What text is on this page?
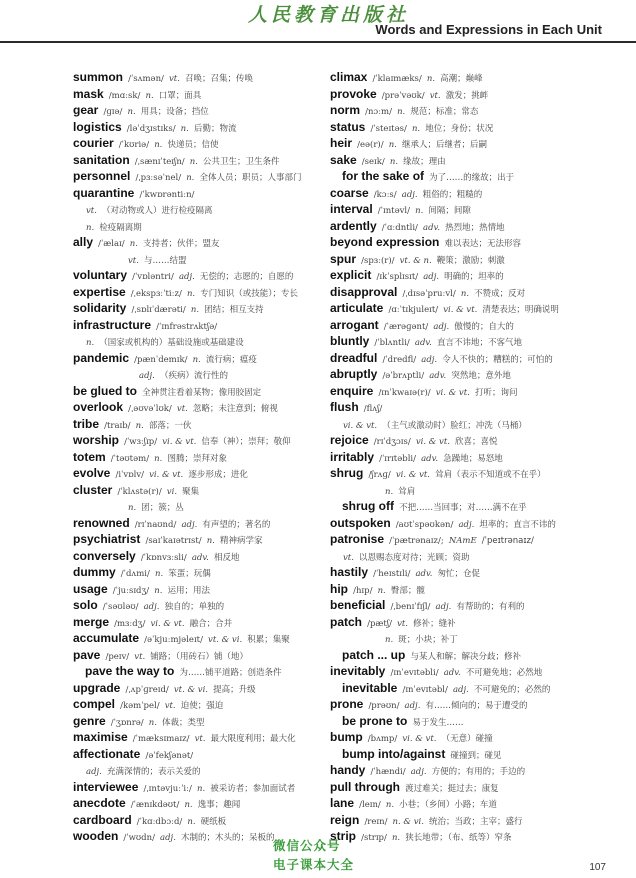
人民教育出版社
Words and Expressions in Each Unit
summon /ˈsʌmən/ vt. 召唤；召集；传唤
mask /mɑːsk/ n. 口罩；面具
gear /ɡɪə/ n. 用具；设备；挡位
logistics /ləˈdʒɪstɪks/ n. 后勤；物流
courier /ˈkʊriə/ n. 快递员；信使
sanitation /ˌsænɪˈteɪʃn/ n. 公共卫生；卫生条件
personnel /ˌpɜːsəˈnel/ n. 全体人员；职员；人事部门
quarantine /ˈkwɒrəntiːn/
vt. （对动物或人）进行检疫隔离
n. 检疫隔离期
ally /ˈælaɪ/ n. 支持者；伙伴；盟友
vt. 与……结盟
voluntary /ˈvɒləntri/ adj. 无偿的；志愿的；自愿的
expertise /ˌekspɜːˈtiːz/ n. 专门知识（或技能）；专长
solidarity /ˌsɒlɪˈdærəti/ n. 团结；相互支持
infrastructure /ˈɪnfrəstrʌktʃə/
n. （国家或机构的）基础设施或基础建设
pandemic /pænˈdemɪk/ n. 流行病；瘟疫
adj. （疾病）流行性的
be glued to 全神贯注看着某物；像用胶固定
overlook /ˌəʊvəˈlʊk/ vt. 忽略；未注意到；俯视
tribe /traɪb/ n. 部落；一伙
worship /ˈwɜːʃɪp/ vi. & vt. 信奉（神）；崇拜；敬仰
totem /ˈtəʊtəm/ n. 图腾；崇拜对象
evolve /iˈvɒlv/ vi. & vt. 逐步形成；进化
cluster /ˈklʌstə(r)/ vi. 聚集
n. 团；簇；丛
renowned /rɪˈnaʊnd/ adj. 有声望的；著名的
psychiatrist /saɪˈkaɪətrɪst/ n. 精神病学家
conversely /ˈkɒnvɜːsli/ adv. 相反地
dummy /ˈdʌmi/ n. 笨蛋；玩偶
usage /ˈjuːsɪdʒ/ n. 运用；用法
solo /ˈsəʊləʊ/ adj. 独自的；单独的
merge /mɜːdʒ/ vi. & vt. 融合；合并
accumulate /əˈkjuːmjəleɪt/ vt. & vi. 积累；集聚
pave /peɪv/ vt. 铺路；（用砖石）铺（地）
pave the way to 为……铺平道路；创造条件
upgrade /ˌʌpˈɡreɪd/ vt. & vi. 提高；升级
compel /kəmˈpel/ vt. 迫使；强迫
genre /ˈʒɒnrə/ n. 体裁；类型
maximise /ˈmæksɪmaɪz/ vt. 最大限度利用；最大化
affectionate /əˈfekʃənət/
adj. 充满深情的；表示关爱的
interviewee /ˌɪntəvjuːˈiː/ n. 被采访者；参加面试者
anecdote /ˈænɪkdəʊt/ n. 逸事；趣闻
cardboard /ˈkɑːdbɔːd/ n. 硬纸板
wooden /ˈwʊdn/ adj. 木制的；木头的；呆板的
climax /ˈklaɪmæks/ n. 高潮；巅峰
provoke /prəˈvəʊk/ vt. 激发；挑衅
norm /nɔːm/ n. 规范；标准；常态
status /ˈsteɪtəs/ n. 地位；身份；状况
heir /eə(r)/ n. 继承人；后继者；后嗣
sake /seɪk/ n. 缘故；理由
for the sake of 为了……的缘故；出于
coarse /kɔːs/ adj. 粗俗的；粗糙的
interval /ˈɪntəvl/ n. 间隔；间隙
ardently /ˈɑːdntli/ adv. 热烈地；热情地
beyond expression 难以表达；无法形容
spur /spɜː(r)/ vt. & n. 鞭策；激励；刺激
explicit /ɪkˈsplɪsɪt/ adj. 明确的；坦率的
disapproval /ˌdɪsəˈpruːvl/ n. 不赞成；反对
articulate /ɑːˈtɪkjuleɪt/ vi. & vt. 清楚表达；明确说明
arrogant /ˈærəɡənt/ adj. 傲慢的；自大的
bluntly /ˈblʌntli/ adv. 直言不讳地；不客气地
dreadful /ˈdredfl/ adj. 令人不快的；糟糕的；可怕的
abruptly /əˈbrʌptli/ adv. 突然地；意外地
enquire /ɪnˈkwaɪə(r)/ vi. & vt. 打听；询问
flush /flʌʃ/
vi. & vt. （主气或激动时）脸红；冲洗（马桶）
rejoice /rɪˈdʒɔɪs/ vi. & vt. 欣喜；喜悦
irritably /ˈɪrɪtəbli/ adv. 急躁地；易怒地
shrug /ʃrʌɡ/ vi. & vt. 耸肩（表示不知道或不在乎）
n. 耸肩
shrug off 不把……当回事；对……满不在乎
outspoken /aʊtˈspəʊkən/ adj. 坦率的；直言不讳的
patronise /ˈpætrənaɪz/; NAmE /ˈpeɪtrənaɪz/
vt. 以恩赐态度对待；光顾；资助
hastily /ˈheɪstɪli/ adv. 匆忙；仓促
hip /hɪp/ n. 臀部；髋
beneficial /ˌbenɪˈfɪʃl/ adj. 有帮助的；有利的
patch /pætʃ/ vt. 修补；缝补
n. 斑；小块；补丁
patch ... up 与某人和解；解决分歧；修补
inevitably /ɪnˈevɪtəbli/ adv. 不可避免地；必然地
inevitable /ɪnˈevɪtəbl/ adj. 不可避免的；必然的
prone /prəʊn/ adj. 有……倾向的；易于遭受的
be prone to 易于发生……
bump /bʌmp/ vi. & vt. （无意）碰撞
bump into/against 碰撞到；碰见
handy /ˈhændi/ adj. 方便的；有用的；手边的
pull through 渡过难关；挺过去；康复
lane /leɪn/ n. 小巷；（乡间）小路；车道
reign /reɪn/ n. & vi. 统治；当政；主宰；盛行
strip /strɪp/ n. 狭长地带；（布、纸等）窄条
微信公众号
电子课本大全	107
